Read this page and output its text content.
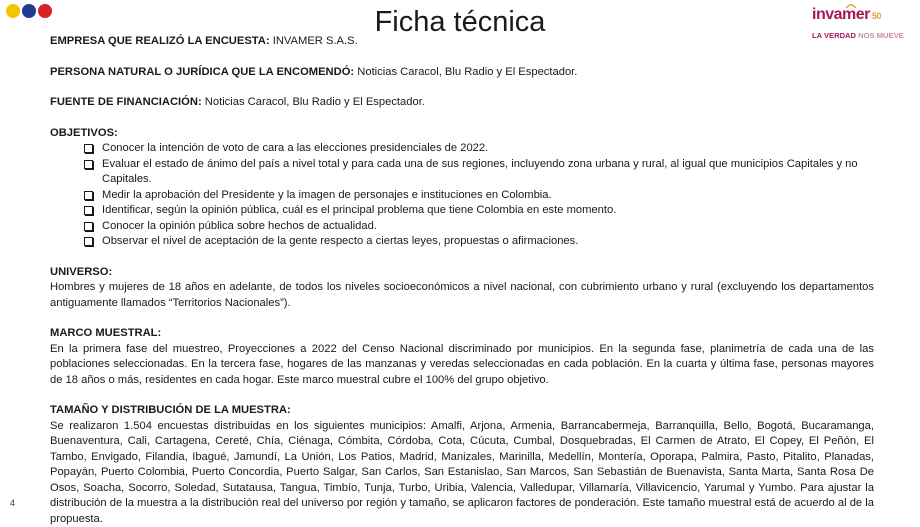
Ficha técnica	invamer 50
LA VERDAD NOS MUEVE

EMPRESA QUE REALIZÓ LA ENCUESTA: INVAMER S.A.S.

PERSONA NATURAL O JURÍDICA QUE LA ENCOMENDÓ: Noticias Caracol, Blu Radio y El Espectador.

FUENTE DE FINANCIACIÓN: Noticias Caracol, Blu Radio y El Espectador.

OBJETIVOS:

Conocer la intención de voto de cara a las elecciones presidenciales de 2022.
Evaluar el estado de ánimo del país a nivel total y para cada una de sus regiones, incluyendo zona urbana y rural, al igual que municipios Capitales y no Capitales.
Medir la aprobación del Presidente y la imagen de personajes e instituciones en Colombia.
Identificar, según la opinión pública, cuál es el principal problema que tiene Colombia en este momento.
Conocer la opinión pública sobre hechos de actualidad.
Observar el nivel de aceptación de la gente respecto a ciertas leyes, propuestas o afirmaciones.

UNIVERSO:

Hombres y mujeres de 18 años en adelante, de todos los niveles socioeconómicos a nivel nacional, con cubrimiento urbano y rural (excluyendo los departamentos antiguamente llamados “Territorios Nacionales”).

MARCO MUESTRAL:

En la primera fase del muestreo, Proyecciones a 2022 del Censo Nacional discriminado por municipios. En la segunda fase, planimetría de cada una de las poblaciones seleccionadas. En la tercera fase, hogares de las manzanas y veredas seleccionadas en cada población. En la cuarta y última fase, personas mayores de 18 años o más, residentes en cada hogar. Este marco muestral cubre el 100% del grupo objetivo.

TAMAÑO Y DISTRIBUCIÓN DE LA MUESTRA:

Se realizaron 1.504 encuestas distribuidas en los siguientes municipios: Amalfi, Arjona, Armenia, Barrancabermeja, Barranquilla, Bello, Bogotá, Bucaramanga, Buenaventura, Cali, Cartagena, Cereté, Chía, Ciénaga, Cómbita, Córdoba, Cota, Cúcuta, Cumbal, Dosquebradas, El Carmen de Atrato, El Copey, El Peñón, El Tambo, Envigado, Filandia, Ibagué, Jamundí, La Unión, Los Patios, Madrid, Manizales, Marinilla, Medellín, Montería, Oporapa, Palmira, Pasto, Pitalito, Planadas, Popayán, Puerto Colombia, Puerto Concordia, Puerto Salgar, San Carlos, San Estanislao, San Marcos, San Sebastián de Buenavista, Santa Marta, Santa Rosa De Osos, Soacha, Socorro, Soledad, Sutatausa, Tangua, Timbío, Tunja, Turbo, Uribia, Valencia, Valledupar, Villamaría, Villavicencio, Yarumal y Yumbo. Para ajustar la distribución de la muestra a la distribución real del universo por región y tamaño, se aplicaron factores de ponderación. Este tamaño muestral está de acuerdo al de la propuesta.

4
